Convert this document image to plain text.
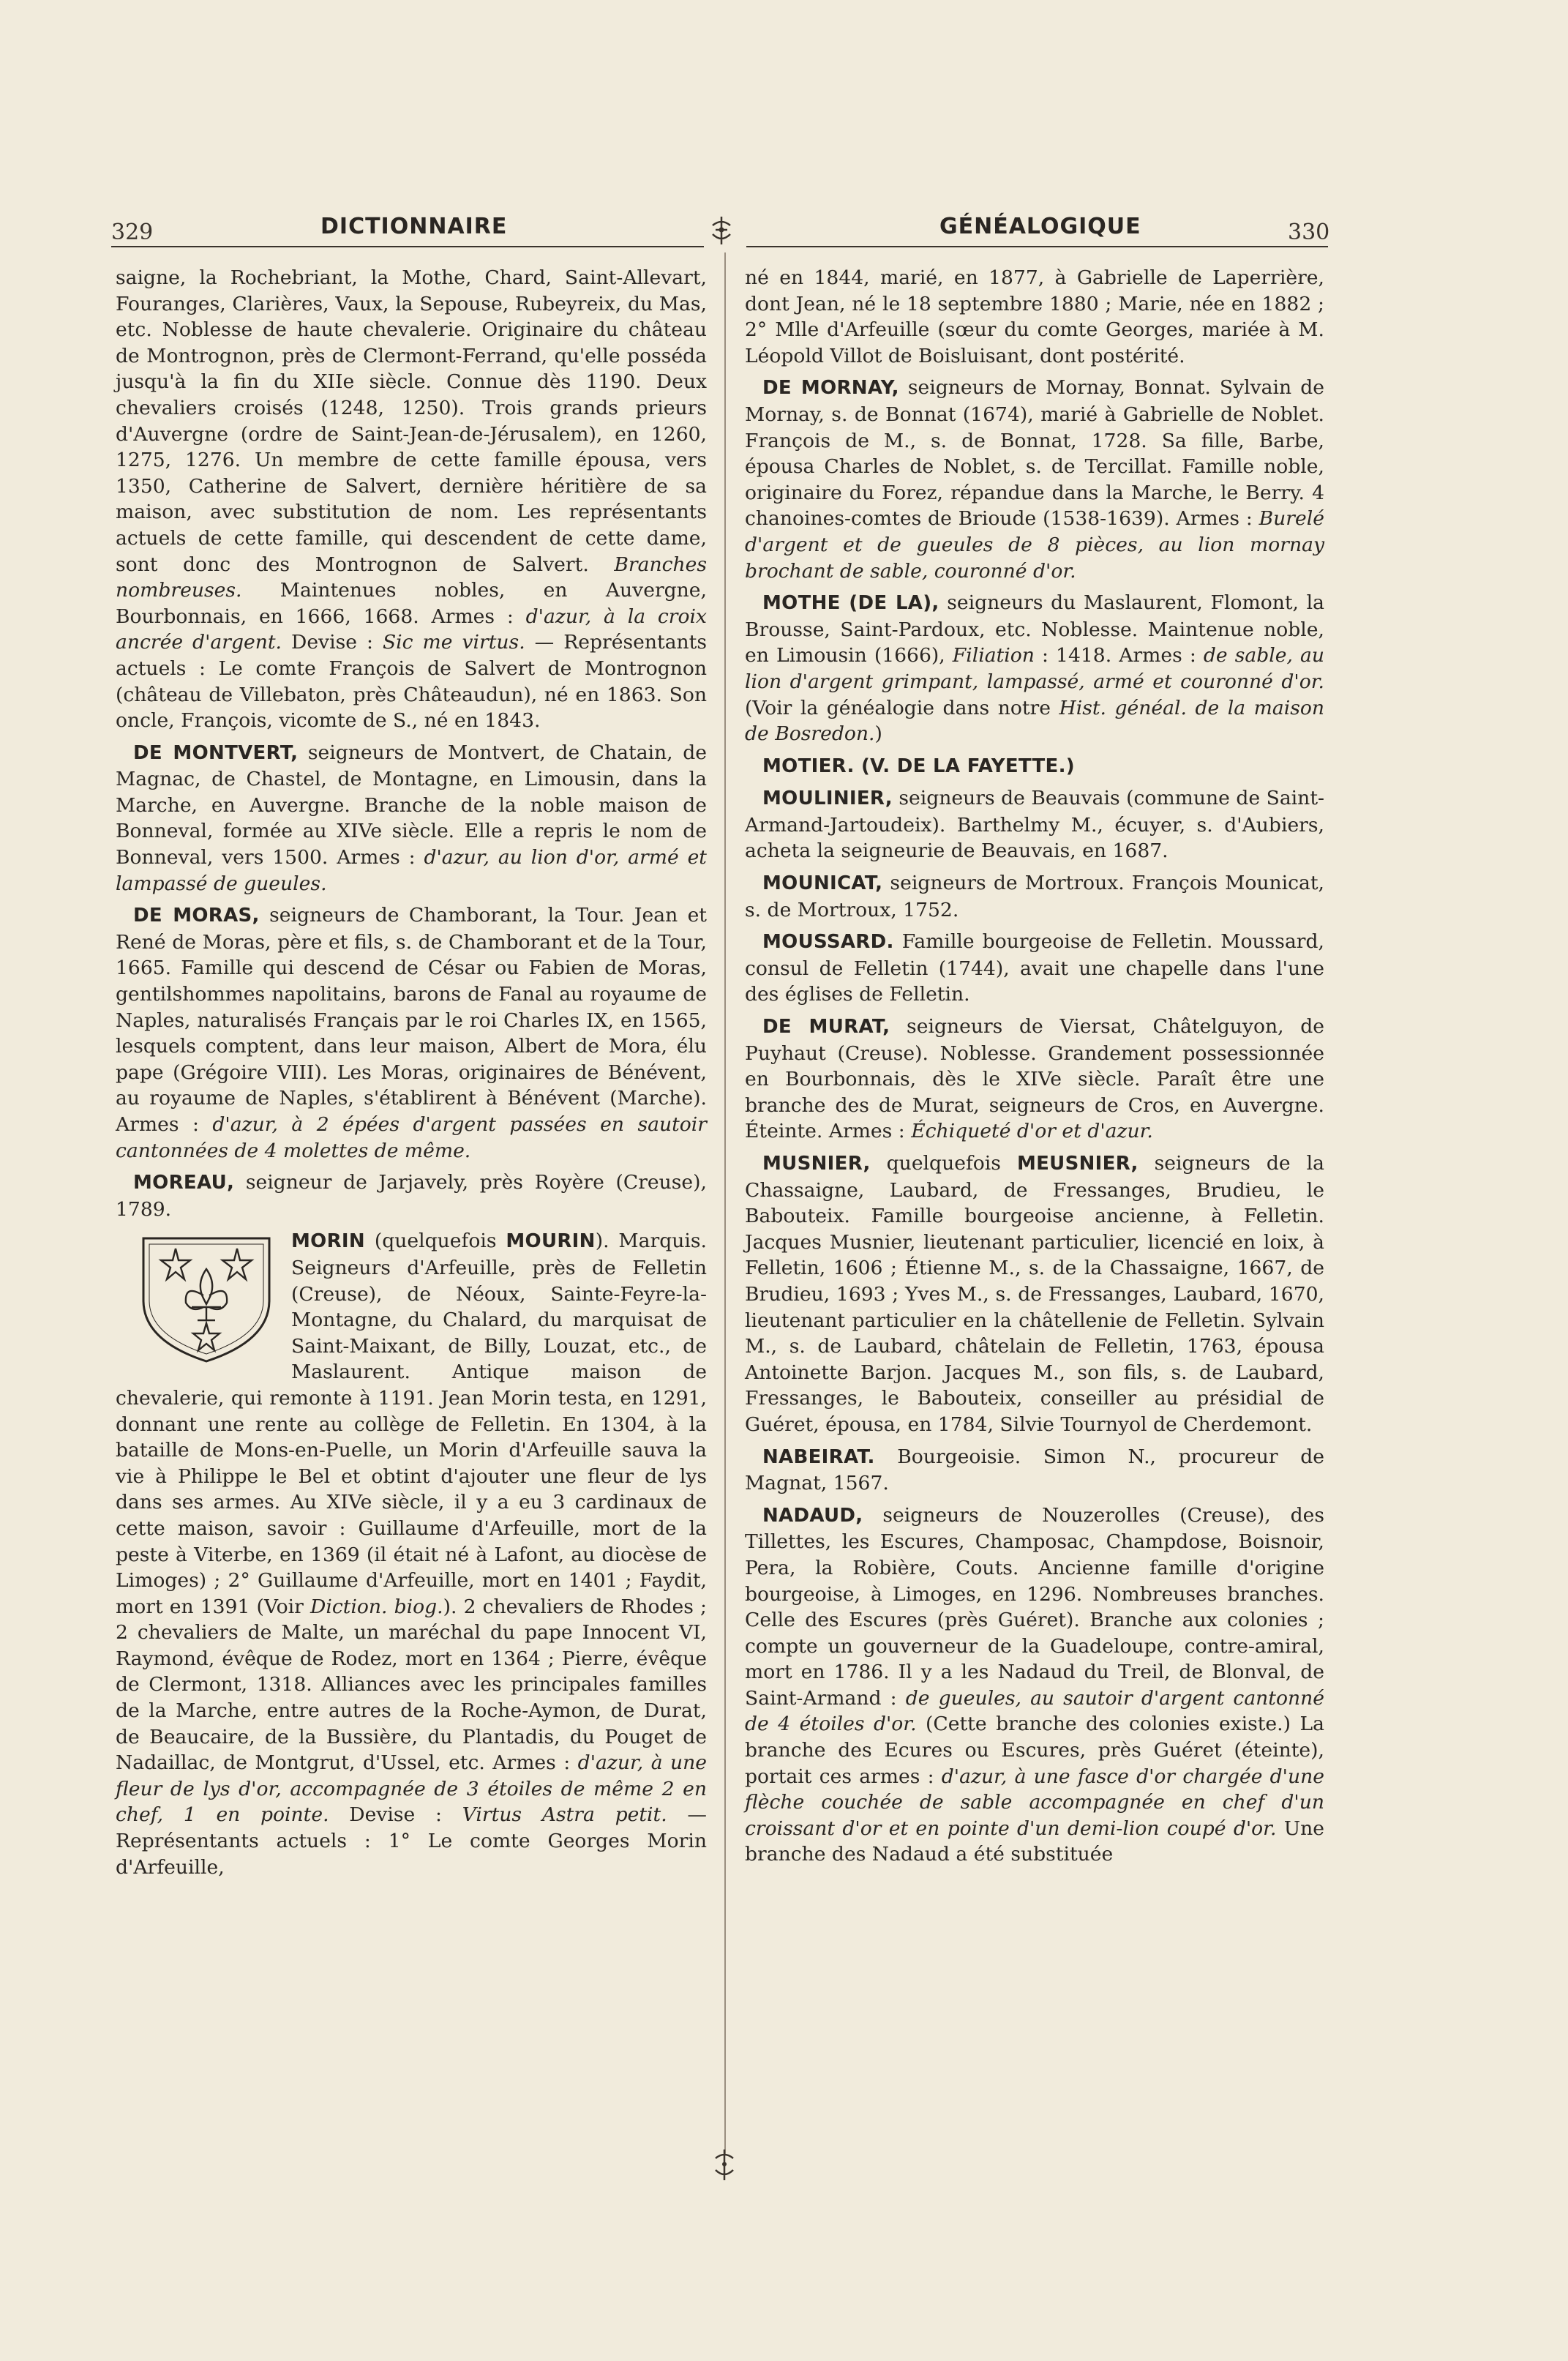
329	DICTIONNAIRE	GÉNÉALOGIQUE	330

saigne, la Rochebriant, la Mothe, Chard, Saint-Allevart, Fouranges, Clarières, Vaux, la Sepouse, Rubeyreix, du Mas, etc. Noblesse de haute chevalerie. Originaire du château de Montrognon, près de Clermont-Ferrand, qu'elle posséda jusqu'à la fin du XIIe siècle. Connue dès 1190. Deux chevaliers croisés (1248, 1250). Trois grands prieurs d'Auvergne (ordre de Saint-Jean-de-Jérusalem), en 1260, 1275, 1276. Un membre de cette famille épousa, vers 1350, Catherine de Salvert, dernière héritière de sa maison, avec substitution de nom. Les représentants actuels de cette famille, qui descendent de cette dame, sont donc des Montrognon de Salvert. Branches nombreuses. Maintenues nobles, en Auvergne, Bourbonnais, en 1666, 1668. Armes : d'azur, à la croix ancrée d'argent. Devise : Sic me virtus. — Représentants actuels : Le comte François de Salvert de Montrognon (château de Villebaton, près Châteaudun), né en 1863. Son oncle, François, vicomte de S., né en 1843.

DE MONTVERT, seigneurs de Montvert, de Chatain, de Magnac, de Chastel, de Montagne, en Limousin, dans la Marche, en Auvergne. Branche de la noble maison de Bonneval, formée au XIVe siècle. Elle a repris le nom de Bonneval, vers 1500. Armes : d'azur, au lion d'or, armé et lampassé de gueules.

DE MORAS, seigneurs de Chamborant, la Tour. Jean et René de Moras, père et fils, s. de Chamborant et de la Tour, 1665. Famille qui descend de César ou Fabien de Moras, gentilshommes napolitains, barons de Fanal au royaume de Naples, naturalisés Français par le roi Charles IX, en 1565, lesquels comptent, dans leur maison, Albert de Mora, élu pape (Grégoire VIII). Les Moras, originaires de Bénévent, au royaume de Naples, s'établirent à Bénévent (Marche). Armes : d'azur, à 2 épées d'argent passées en sautoir cantonnées de 4 molettes de même.

MOREAU, seigneur de Jarjavely, près Royère (Creuse), 1789.

MORIN (quelquefois MOURIN). Marquis. Seigneurs d'Arfeuille, près de Felletin (Creuse), de Néoux, Sainte-Feyre-la-Montagne, du Chalard, du marquisat de Saint-Maixant, de Billy, Louzat, etc., de Maslaurent. Antique maison de chevalerie, qui remonte à 1191. Jean Morin testa, en 1291, donnant une rente au collège de Felletin. En 1304, à la bataille de Mons-en-Puelle, un Morin d'Arfeuille sauva la vie à Philippe le Bel et obtint d'ajouter une fleur de lys dans ses armes. Au XIVe siècle, il y a eu 3 cardinaux de cette maison, savoir : Guillaume d'Arfeuille, mort de la peste à Viterbe, en 1369 (il était né à Lafont, au diocèse de Limoges) ; 2° Guillaume d'Arfeuille, mort en 1401 ; Faydit, mort en 1391 (Voir Diction. biog.). 2 chevaliers de Rhodes ; 2 chevaliers de Malte, un maréchal du pape Innocent VI, Raymond, évêque de Rodez, mort en 1364 ; Pierre, évêque de Clermont, 1318. Alliances avec les principales familles de la Marche, entre autres de la Roche-Aymon, de Durat, de Beaucaire, de la Bussière, du Plantadis, du Pouget de Nadaillac, de Montgrut, d'Ussel, etc. Armes : d'azur, à une fleur de lys d'or, accompagnée de 3 étoiles de même 2 en chef, 1 en pointe. Devise : Virtus Astra petit. — Représentants actuels : 1° Le comte Georges Morin d'Arfeuille,

né en 1844, marié, en 1877, à Gabrielle de Laperrière, dont Jean, né le 18 septembre 1880 ; Marie, née en 1882 ; 2° Mlle d'Arfeuille (sœur du comte Georges, mariée à M. Léopold Villot de Boisluisant, dont postérité.

DE MORNAY, seigneurs de Mornay, Bonnat. Sylvain de Mornay, s. de Bonnat (1674), marié à Gabrielle de Noblet. François de M., s. de Bonnat, 1728. Sa fille, Barbe, épousa Charles de Noblet, s. de Tercillat. Famille noble, originaire du Forez, répandue dans la Marche, le Berry. 4 chanoines-comtes de Brioude (1538-1639). Armes : Burelé d'argent et de gueules de 8 pièces, au lion mornay brochant de sable, couronné d'or.

MOTHE (DE LA), seigneurs du Maslaurent, Flomont, la Brousse, Saint-Pardoux, etc. Noblesse. Maintenue noble, en Limousin (1666), Filiation : 1418. Armes : de sable, au lion d'argent grimpant, lampassé, armé et couronné d'or. (Voir la généalogie dans notre Hist. généal. de la maison de Bosredon.)

MOTIER. (V. DE LA FAYETTE.)

MOULINIER, seigneurs de Beauvais (commune de Saint-Armand-Jartoudeix). Barthelmy M., écuyer, s. d'Aubiers, acheta la seigneurie de Beauvais, en 1687.

MOUNICAT, seigneurs de Mortroux. François Mounicat, s. de Mortroux, 1752.

MOUSSARD. Famille bourgeoise de Felletin. Moussard, consul de Felletin (1744), avait une chapelle dans l'une des églises de Felletin.

DE MURAT, seigneurs de Viersat, Châtelguyon, de Puyhaut (Creuse). Noblesse. Grandement possessionnée en Bourbonnais, dès le XIVe siècle. Paraît être une branche des de Murat, seigneurs de Cros, en Auvergne. Éteinte. Armes : Échiqueté d'or et d'azur.

MUSNIER, quelquefois MEUSNIER, seigneurs de la Chassaigne, Laubard, de Fressanges, Brudieu, le Babouteix. Famille bourgeoise ancienne, à Felletin. Jacques Musnier, lieutenant particulier, licencié en loix, à Felletin, 1606 ; Étienne M., s. de la Chassaigne, 1667, de Brudieu, 1693 ; Yves M., s. de Fressanges, Laubard, 1670, lieutenant particulier en la châtellenie de Felletin. Sylvain M., s. de Laubard, châtelain de Felletin, 1763, épousa Antoinette Barjon. Jacques M., son fils, s. de Laubard, Fressanges, le Babouteix, conseiller au présidial de Guéret, épousa, en 1784, Silvie Tournyol de Cherdemont.

NABEIRAT. Bourgeoisie. Simon N., procureur de Magnat, 1567.

NADAUD, seigneurs de Nouzerolles (Creuse), des Tillettes, les Escures, Champosac, Champdose, Boisnoir, Pera, la Robière, Couts. Ancienne famille d'origine bourgeoise, à Limoges, en 1296. Nombreuses branches. Celle des Escures (près Guéret). Branche aux colonies ; compte un gouverneur de la Guadeloupe, contre-amiral, mort en 1786. Il y a les Nadaud du Treil, de Blonval, de Saint-Armand : de gueules, au sautoir d'argent cantonné de 4 étoiles d'or. (Cette branche des colonies existe.) La branche des Ecures ou Escures, près Guéret (éteinte), portait ces armes : d'azur, à une fasce d'or chargée d'une flèche couchée de sable accompagnée en chef d'un croissant d'or et en pointe d'un demi-lion coupé d'or. Une branche des Nadaud a été substituée
